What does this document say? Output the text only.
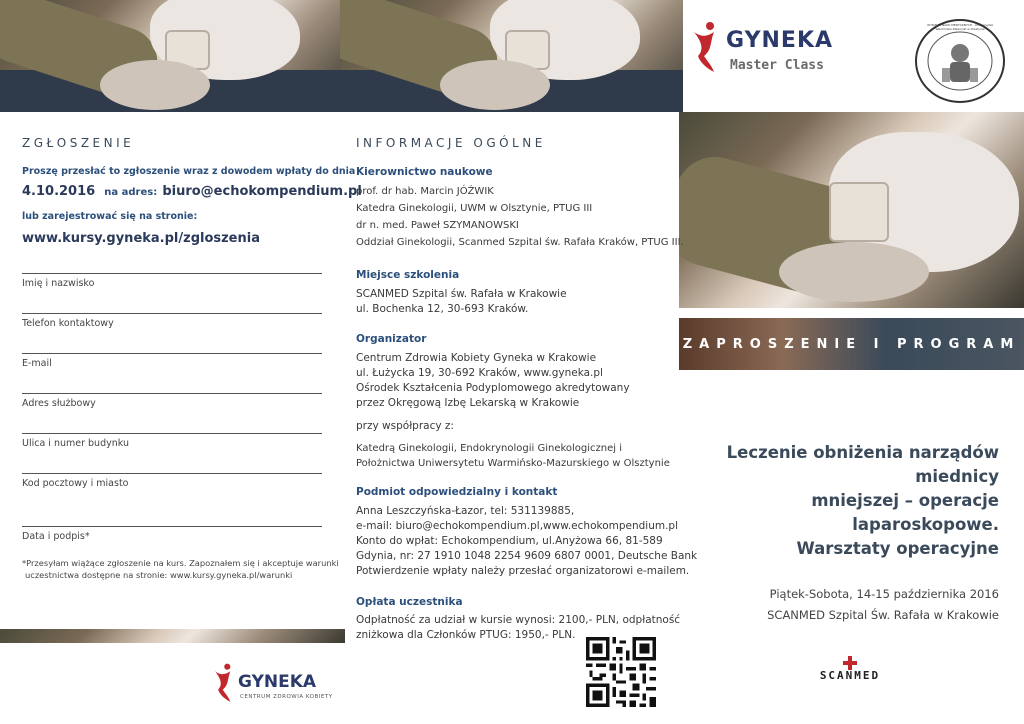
GYNEKA
Master Class
WYDZIAŁ NAUK MEDYCZNYCH · Uniwersytet Warmińsko-Mazurski w Olsztynie
ZAPROSZENIE I PROGRAM
ZGŁOSZENIE
Proszę przesłać to zgłoszenie wraz z dowodem wpłaty do dnia
4.10.2016 na adres: biuro@echokompendium.pl
lub zarejestrować się na stronie:
www.kursy.gyneka.pl/zgloszenia
Imię i nazwisko
Telefon kontaktowy
E-mail
Adres służbowy
Ulica i numer budynku
Kod pocztowy i miasto
Data i podpis*
*Przesyłam wiążące zgłoszenie na kurs. Zapoznałem się i akceptuje warunki
uczestnictwa dostępne na stronie: www.kursy.gyneka.pl/warunki
GYNEKA
CENTRUM ZDROWIA KOBIETY
INFORMACJE OGÓLNE
Kierownictwo naukowe
prof. dr hab. Marcin JÓŹWIK
Katedra Ginekologii, UWM w Olsztynie, PTUG III
dr n. med. Paweł SZYMANOWSKI
Oddział Ginekologii, Scanmed Szpital św. Rafała Kraków, PTUG III.
Miejsce szkolenia
SCANMED Szpital św. Rafała w Krakowie
ul. Bochenka 12, 30-693 Kraków.
Organizator
Centrum Zdrowia Kobiety Gyneka w Krakowie
ul. Łużycka 19, 30-692 Kraków, www.gyneka.pl
Ośrodek Kształcenia Podyplomowego akredytowany
przez Okręgową Izbę Lekarską w Krakowie
przy współpracy z:
Katedrą Ginekologii, Endokrynologii Ginekologicznej i
Położnictwa Uniwersytetu Warmińsko-Mazurskiego w Olsztynie
Podmiot odpowiedzialny i kontakt
Anna Leszczyńska-Łazor, tel: 531139885,
e-mail: biuro@echokompendium.pl,www.echokompendium.pl
Konto do wpłat: Echokompendium, ul.Anyżowa 66, 81-589
Gdynia, nr: 27 1910 1048 2254 9609 6807 0001, Deutsche Bank
Potwierdzenie wpłaty należy przesłać organizatorowi e-mailem.
Opłata uczestnika
Odpłatność za udział w kursie wynosi: 2100,- PLN, odpłatność
zniżkowa dla Członków PTUG: 1950,- PLN.
Leczenie obniżenia narządów miednicy
mniejszej – operacje laparoskopowe.
Warsztaty operacyjne
Piątek-Sobota, 14-15 października 2016
SCANMED Szpital Św. Rafała w Krakowie
SCANMED
